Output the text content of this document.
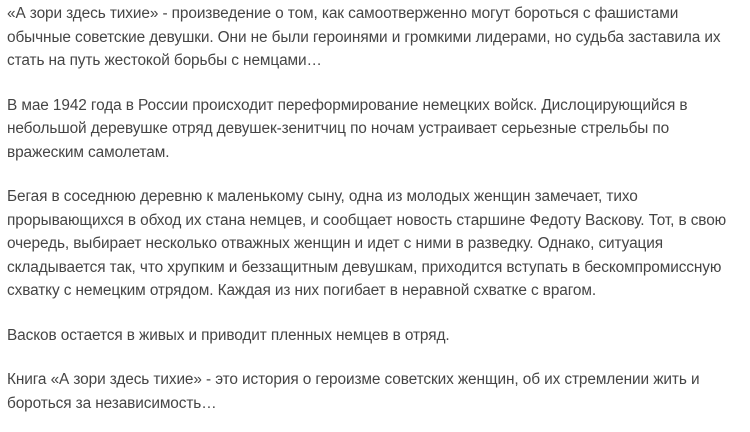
«А зори здесь тихие» - произведение о том, как самоотверженно могут бороться с фашистами обычные советские девушки. Они не были героинями и громкими лидерами, но судьба заставила их стать на путь жестокой борьбы с немцами…

В мае 1942 года в России происходит переформирование немецких войск. Дислоцирующийся в небольшой деревушке отряд девушек-зенитчиц по ночам устраивает серьезные стрельбы по вражеским самолетам.

Бегая в соседнюю деревню к маленькому сыну, одна из молодых женщин замечает, тихо прорывающихся в обход их стана немцев, и сообщает новость старшине Федоту Васкову. Тот, в свою очередь, выбирает несколько отважных женщин и идет с ними в разведку. Однако, ситуация складывается так, что хрупким и беззащитным девушкам, приходится вступать в бескомпромиссную схватку с немецким отрядом. Каждая из них погибает в неравной схватке с врагом.

Васков остается в живых и приводит пленных немцев в отряд.

Книга «А зори здесь тихие» - это история о героизме советских женщин, об их стремлении жить и бороться за независимость…
